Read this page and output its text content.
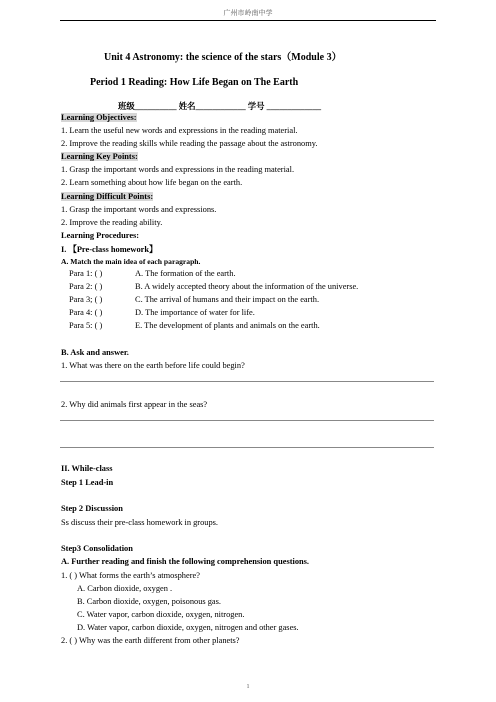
广州市岭南中学
Unit 4 Astronomy: the science of the stars（Module 3）
Period 1 Reading: How Life Began on The Earth
班级__________ 姓名____________ 学号 _____________
Learning Objectives:
1. Learn the useful new words and expressions in the reading material.
2. Improve the reading skills while reading the passage about the astronomy.
Learning Key Points:
1. Grasp the important words and expressions in the reading material.
2. Learn something about how life began on the earth.
Learning Difficult Points:
1. Grasp the important words and expressions.
2. Improve the reading ability.
Learning Procedures:
I. 【Pre-class homework】
A. Match the main idea of each paragraph.
Para 1: ( )	A. The formation of the earth.
Para 2: ( )	B. A widely accepted theory about the information of the universe.
Para 3; ( )	C. The arrival of humans and their impact on the earth.
Para 4: ( )	D. The importance of water for life.
Para 5: ( )	E. The development of plants and animals on the earth.
B. Ask and answer.
1. What was there on the earth before life could begin?
2. Why did animals first appear in the seas?
II. While-class
Step 1 Lead-in
Step 2 Discussion
Ss discuss their pre-class homework in groups.
Step3 Consolidation
A. Further reading and finish the following comprehension questions.
1. ( ) What forms the earth’s atmosphere?
A. Carbon dioxide, oxygen .
B. Carbon dioxide, oxygen, poisonous gas.
C. Water vapor, carbon dioxide, oxygen, nitrogen.
D. Water vapor, carbon dioxide, oxygen, nitrogen and other gases.
2. ( ) Why was the earth different from other planets?
1
